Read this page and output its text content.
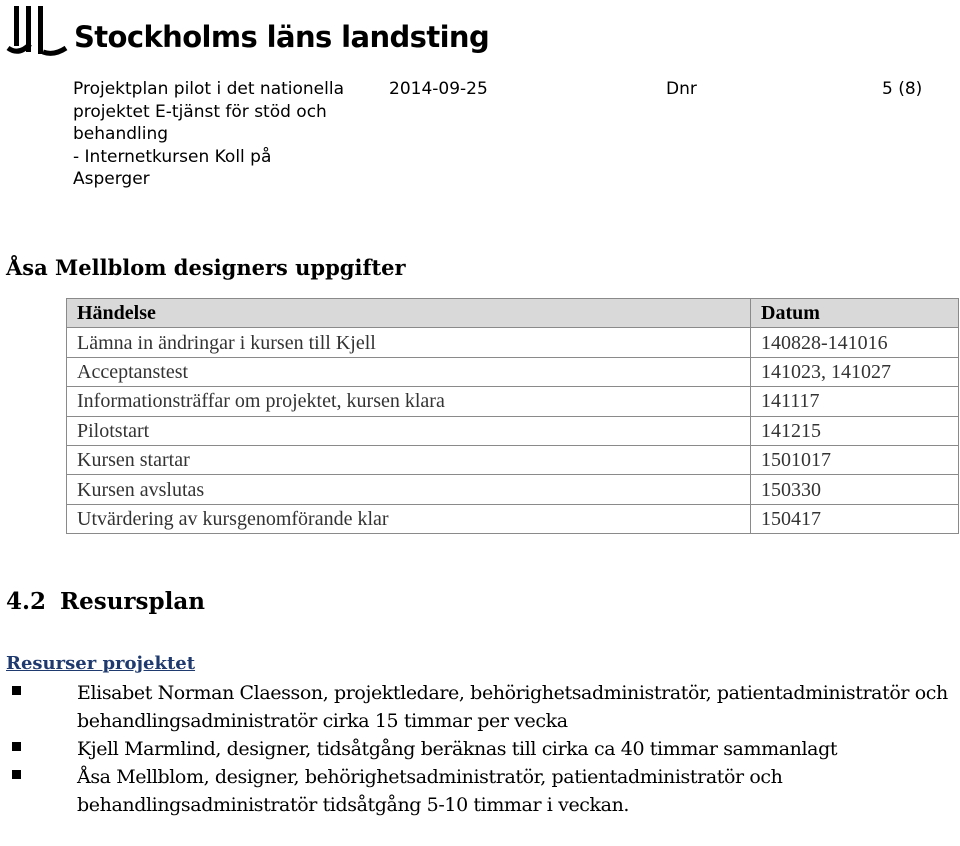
Stockholms läns landsting
Projektplan pilot i det nationella
projektet E-tjänst för stöd och
behandling
- Internetkursen Koll på
Asperger
2014-09-25	Dnr	5 (8)
Åsa Mellblom designers uppgifter
Händelse	Datum
Lämna in ändringar i kursen till Kjell	140828-141016
Acceptanstest	141023, 141027
Informationsträffar om projektet, kursen klara	141117
Pilotstart	141215
Kursen startar	1501017
Kursen avslutas	150330
Utvärdering av kursgenomförande klar	150417
4.2 Resursplan
Resurser projektet
Elisabet Norman Claesson, projektledare, behörighetsadministratör, patientadministratör och behandlingsadministratör cirka 15 timmar per vecka
Kjell Marmlind, designer, tidsåtgång beräknas till cirka ca 40 timmar sammanlagt
Åsa Mellblom, designer, behörighetsadministratör, patientadministratör och behandlingsadministratör tidsåtgång 5-10 timmar i veckan.
